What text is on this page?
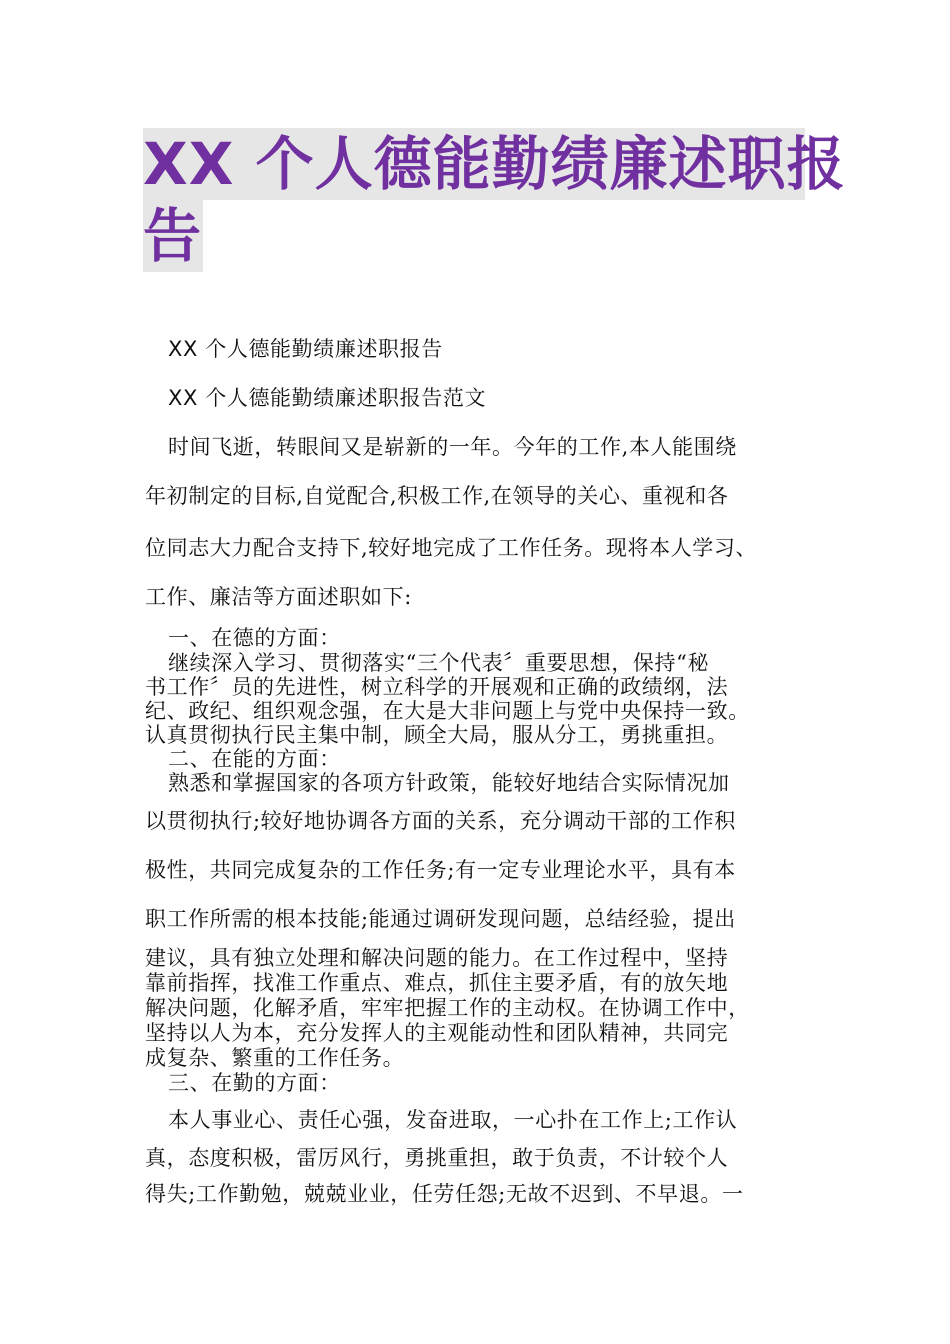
XX 个人德能勤绩廉述职报
告
XX 个人德能勤绩廉述职报告
XX 个人德能勤绩廉述职报告范文
时间飞逝，转眼间又是崭新的一年。今年的工作,本人能围绕
年初制定的目标,自觉配合,积极工作,在领导的关心、重视和各
位同志大力配合支持下,较好地完成了工作任务。现将本人学习、
工作、廉洁等方面述职如下:
一、在德的方面：
继续深入学习、贯彻落实“三个代表〞重要思想，保持“秘
书工作〞员的先进性，树立科学的开展观和正确的政绩纲，法
纪、政纪、组织观念强，在大是大非问题上与党中央保持一致。
认真贯彻执行民主集中制，顾全大局，服从分工，勇挑重担。
二、在能的方面：
熟悉和掌握国家的各项方针政策，能较好地结合实际情况加
以贯彻执行;较好地协调各方面的关系，充分调动干部的工作积
极性，共同完成复杂的工作任务;有一定专业理论水平，具有本
职工作所需的根本技能;能通过调研发现问题，总结经验，提出
建议，具有独立处理和解决问题的能力。在工作过程中，坚持
靠前指挥，找准工作重点、难点，抓住主要矛盾，有的放矢地
解决问题，化解矛盾，牢牢把握工作的主动权。在协调工作中，
坚持以人为本，充分发挥人的主观能动性和团队精神，共同完
成复杂、繁重的工作任务。
三、在勤的方面：
本人事业心、责任心强，发奋进取，一心扑在工作上;工作认
真，态度积极，雷厉风行，勇挑重担，敢于负责，不计较个人
得失;工作勤勉，兢兢业业，任劳任怨;无故不迟到、不早退。一
